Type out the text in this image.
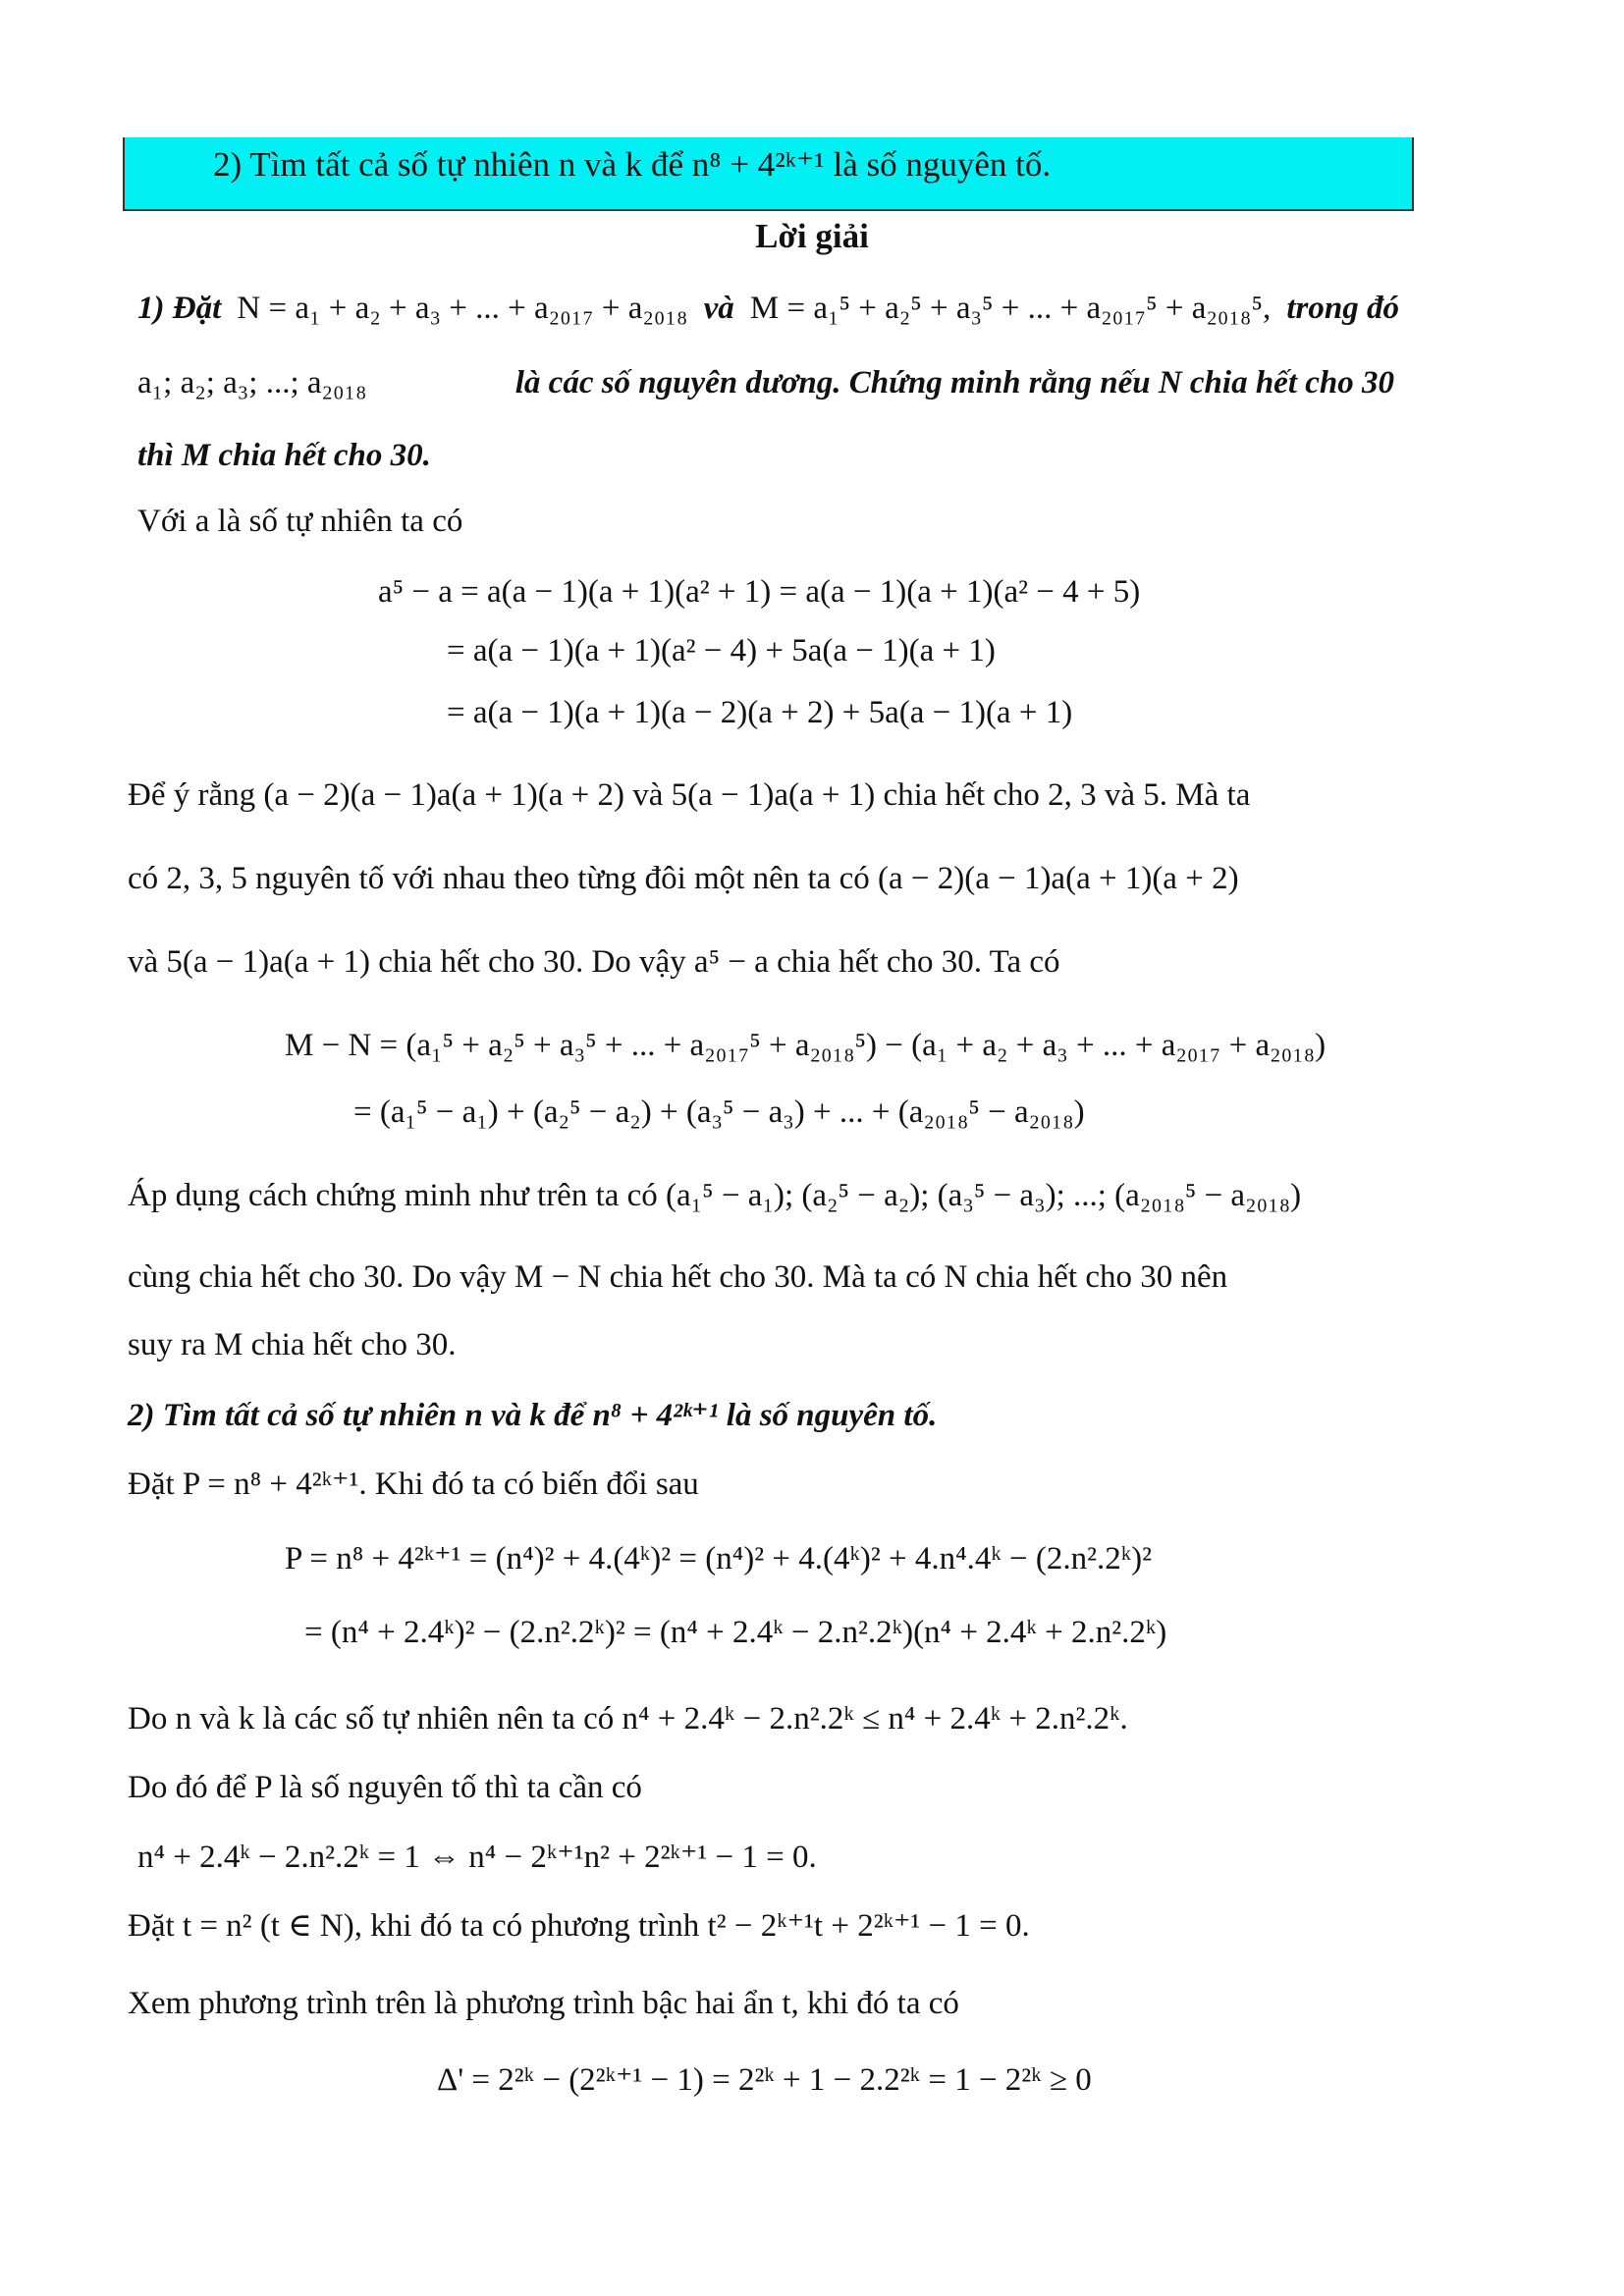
2) Tìm tất cả số tự nhiên n và k để n⁸ + 4²ᵏ⁺¹ là số nguyên tố.
Lời giải
1) Đặt N = a₁ + a₂ + a₃ + ... + a₂₀₁₇ + a₂₀₁₈ và M = a₁⁵ + a₂⁵ + a₃⁵ + ... + a₂₀₁₇⁵ + a₂₀₁₈⁵, trong đó
a₁; a₂; a₃; ...; a₂₀₁₈	là các số nguyên dương. Chứng minh rằng nếu N chia hết cho 30
thì M chia hết cho 30.
Với a là số tự nhiên ta có
a⁵ − a = a(a − 1)(a + 1)(a² + 1) = a(a − 1)(a + 1)(a² − 4 + 5)
= a(a − 1)(a + 1)(a² − 4) + 5a(a − 1)(a + 1)
= a(a − 1)(a + 1)(a − 2)(a + 2) + 5a(a − 1)(a + 1)
Để ý rằng (a − 2)(a − 1)a(a + 1)(a + 2) và 5(a − 1)a(a + 1) chia hết cho 2, 3 và 5. Mà ta
có 2, 3, 5 nguyên tố với nhau theo từng đôi một nên ta có (a − 2)(a − 1)a(a + 1)(a + 2)
và 5(a − 1)a(a + 1) chia hết cho 30. Do vậy a⁵ − a chia hết cho 30. Ta có
M − N = (a₁⁵ + a₂⁵ + a₃⁵ + ... + a₂₀₁₇⁵ + a₂₀₁₈⁵) − (a₁ + a₂ + a₃ + ... + a₂₀₁₇ + a₂₀₁₈)
= (a₁⁵ − a₁) + (a₂⁵ − a₂) + (a₃⁵ − a₃) + ... + (a₂₀₁₈⁵ − a₂₀₁₈)
Áp dụng cách chứng minh như trên ta có (a₁⁵ − a₁); (a₂⁵ − a₂); (a₃⁵ − a₃); ...; (a₂₀₁₈⁵ − a₂₀₁₈)
cùng chia hết cho 30. Do vậy M − N chia hết cho 30. Mà ta có N chia hết cho 30 nên
suy ra M chia hết cho 30.
2) Tìm tất cả số tự nhiên n và k để n⁸ + 4²ᵏ⁺¹ là số nguyên tố.
Đặt P = n⁸ + 4²ᵏ⁺¹. Khi đó ta có biến đổi sau
P = n⁸ + 4²ᵏ⁺¹ = (n⁴)² + 4.(4ᵏ)² = (n⁴)² + 4.(4ᵏ)² + 4.n⁴.4ᵏ − (2.n².2ᵏ)²
= (n⁴ + 2.4ᵏ)² − (2.n².2ᵏ)² = (n⁴ + 2.4ᵏ − 2.n².2ᵏ)(n⁴ + 2.4ᵏ + 2.n².2ᵏ)
Do n và k là các số tự nhiên nên ta có n⁴ + 2.4ᵏ − 2.n².2ᵏ ≤ n⁴ + 2.4ᵏ + 2.n².2ᵏ.
Do đó để P là số nguyên tố thì ta cần có
n⁴ + 2.4ᵏ − 2.n².2ᵏ = 1 ⇔ n⁴ − 2ᵏ⁺¹n² + 2²ᵏ⁺¹ − 1 = 0.
Đặt t = n² (t ∈ N), khi đó ta có phương trình t² − 2ᵏ⁺¹t + 2²ᵏ⁺¹ − 1 = 0.
Xem phương trình trên là phương trình bậc hai ẩn t, khi đó ta có
Δ' = 2²ᵏ − (2²ᵏ⁺¹ − 1) = 2²ᵏ + 1 − 2.2²ᵏ = 1 − 2²ᵏ ≥ 0
